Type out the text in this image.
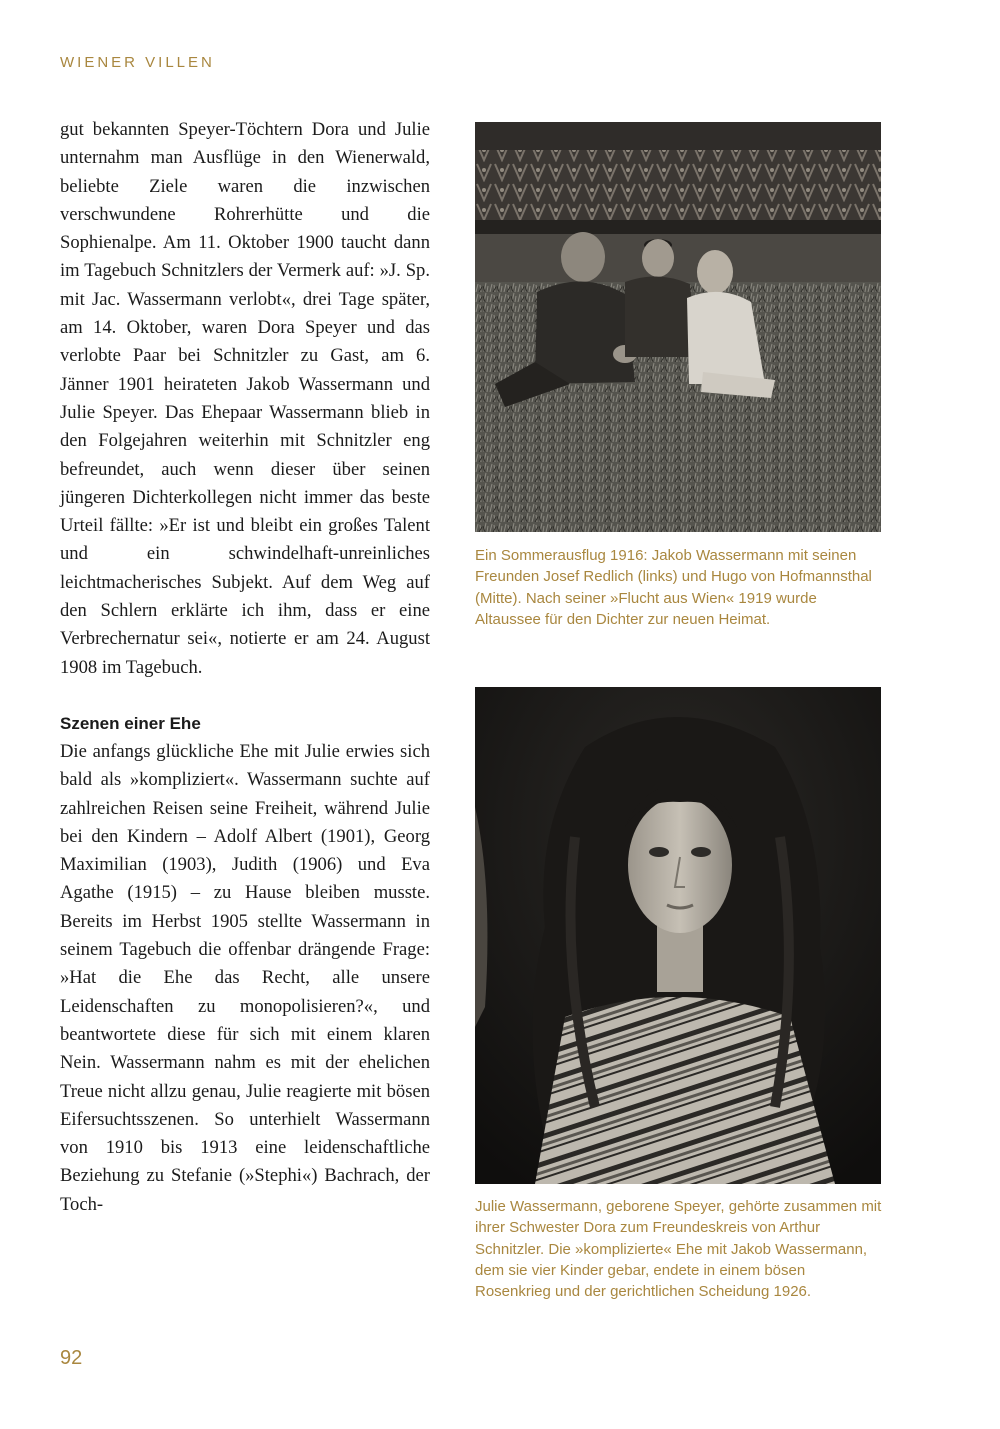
WIENER VILLEN

gut bekannten Speyer-Töchtern Dora und Julie unternahm man Ausflüge in den Wienerwald, beliebte Ziele waren die inzwischen verschwundene Rohrerhütte und die Sophienalpe. Am 11. Oktober 1900 taucht dann im Tagebuch Schnitzlers der Vermerk auf: »J. Sp. mit Jac. Wassermann verlobt«, drei Tage später, am 14. Oktober, waren Dora Speyer und das verlobte Paar bei Schnitzler zu Gast, am 6. Jänner 1901 heirateten Jakob Wassermann und Julie Speyer. Das Ehepaar Wassermann blieb in den Folgejahren weiterhin mit Schnitzler eng befreundet, auch wenn dieser über seinen jüngeren Dichterkollegen nicht immer das beste Urteil fällte: »Er ist und bleibt ein großes Talent und ein schwindelhaft-unreinliches leichtmacherisches Subjekt. Auf dem Weg auf den Schlern erklärte ich ihm, dass er eine Verbrechernatur sei«, notierte er am 24. August 1908 im Tagebuch.

Szenen einer Ehe

Die anfangs glückliche Ehe mit Julie erwies sich bald als »kompliziert«. Wassermann suchte auf zahlreichen Reisen seine Freiheit, während Julie bei den Kindern – Adolf Albert (1901), Georg Maximilian (1903), Judith (1906) und Eva Agathe (1915) – zu Hause bleiben musste. Bereits im Herbst 1905 stellte Wassermann in seinem Tagebuch die offenbar drängende Frage: »Hat die Ehe das Recht, alle unsere Leidenschaften zu monopolisieren?«, und beantwortete diese für sich mit einem klaren Nein. Wassermann nahm es mit der ehelichen Treue nicht allzu genau, Julie reagierte mit bösen Eifersuchtsszenen. So unterhielt Wassermann von 1910 bis 1913 eine leidenschaftliche Beziehung zu Stefanie (»Stephi«) Bachrach, der Toch-

Ein Sommerausflug 1916: Jakob Wassermann mit seinen Freunden Josef Redlich (links) und Hugo von Hofmannsthal (Mitte). Nach seiner »Flucht aus Wien« 1919 wurde Altaussee für den Dichter zur neuen Heimat.

Julie Wassermann, geborene Speyer, gehörte zusammen mit ihrer Schwester Dora zum Freundeskreis von Arthur Schnitzler. Die »komplizierte« Ehe mit Jakob Wassermann, dem sie vier Kinder gebar, endete in einem bösen Rosenkrieg und der gerichtlichen Scheidung 1926.

92
